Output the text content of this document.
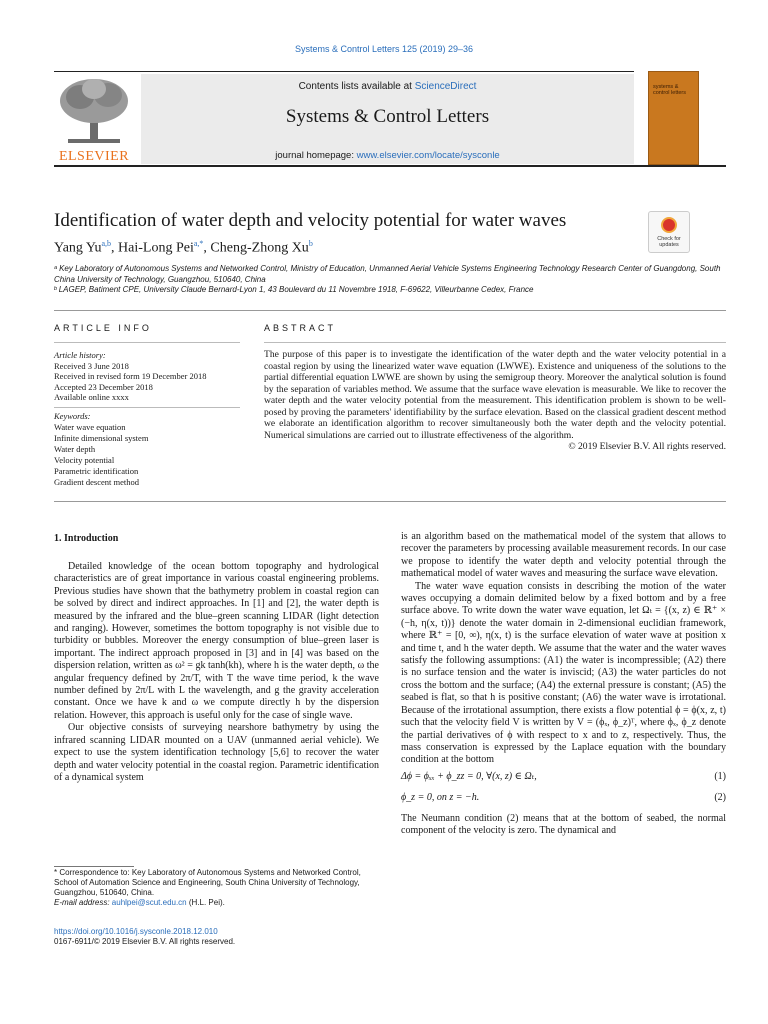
Systems & Control Letters 125 (2019) 29–36
ELSEVIER
Contents lists available at ScienceDirect
Systems & Control Letters
journal homepage: www.elsevier.com/locate/sysconle
systems & control letters
Identification of water depth and velocity potential for water waves
Check for updates
Yang Yu$^{a,b}$, Hai-Long Pei$^{a,*}$, Cheng-Zhong Xu$^b$
ᵃ Key Laboratory of Autonomous Systems and Networked Control, Ministry of Education, Unmanned Aerial Vehicle Systems Engineering Technology Research Center of Guangdong, South China University of Technology, Guangzhou, 510640, China
ᵇ LAGEP, Batiment CPE, University Claude Bernard-Lyon 1, 43 Boulevard du 11 Novembre 1918, F-69622, Villeurbanne Cedex, France
ARTICLE INFO	ABSTRACT
Article history:
Received 3 June 2018
Received in revised form 19 December 2018
Accepted 23 December 2018
Available online xxxx
Keywords:
Water wave equation
Infinite dimensional system
Water depth
Velocity potential
Parametric identification
Gradient descent method
The purpose of this paper is to investigate the identification of the water depth and the water velocity potential in a coastal region by using the linearized water wave equation (LWWE). Existence and uniqueness of the solutions to the partial differential equation LWWE are shown by using the semigroup theory. Moreover the analytical solution is found by the separation of variables method. We assume that the surface wave elevation is measurable. We like to recover the water depth and the water velocity potential from the measurement. This identification problem is shown to be well-posed by proving the parameters' identifiability by the surface elevation. Based on the classical gradient descent method we elaborate an identification algorithm to recover simultaneously both the water depth and the velocity potential. Numerical simulations are carried out to illustrate effectiveness of the algorithm.
© 2019 Elsevier B.V. All rights reserved.
1. Introduction

Detailed knowledge of the ocean bottom topography and hydrological characteristics are of great importance in various coastal engineering problems. Previous studies have shown that the bathymetry problem in coastal region can be solved by direct and indirect approaches. In [1] and [2], the water depth is measured by the infrared and the blue–green scanning LIDAR (light detection and ranging). However, sometimes the bottom topography is not visible due to turbidity or bubbles. Moreover the energy consumption of blue–green laser is important. The indirect approach proposed in [3] and in [4] was based on the dispersion relation, written as ω² = gk tanh(kh), where h is the water depth, ω the angular frequency defined by 2π/T, with T the wave time period, k the wave number defined by 2π/L with L the wavelength, and g the gravity acceleration constant. Once we have k and ω we compute directly h by the dispersion relation. However, this approach is useful only for the case of single wave.

Our objective consists of surveying nearshore bathymetry by using the infrared scanning LIDAR mounted on a UAV (unmanned aerial vehicle). We expect to use the system identification technology [5,6] to recover the water depth and water velocity potential in the coastal region. Parametric identification of a dynamical system

is an algorithm based on the mathematical model of the system that allows to recover the parameters by processing available measurement records. In our case we propose to identify the water depth and velocity potential through the mathematical model of water waves and measuring the surface wave elevation.

The water wave equation consists in describing the motion of the water waves occupying a domain delimited below by a fixed bottom and by a free surface above. To write down the water wave equation, let Ωₜ = {(x, z) ∈ ℝ⁺ × (−h, η(x, t))} denote the water domain in 2-dimensional euclidian framework, where ℝ⁺ = [0, ∞), η(x, t) is the surface elevation of water wave at position x and time t, and h the water depth. We assume that the water and the water waves satisfy the following assumptions: (A1) the water is incompressible; (A2) there is no surface tension and the water is inviscid; (A3) the water particles do not cross the bottom and the surface; (A4) the external pressure is constant; (A5) the seabed is flat, so that h is positive constant; (A6) the water wave is irrotational. Because of the irrotational assumption, there exists a flow potential ϕ = ϕ(x, z, t) such that the velocity field V is written by V = (ϕₓ, ϕ_z)ᵀ, where ϕₓ, ϕ_z denote the partial derivatives of ϕ with respect to x and to z, respectively. Thus, the mass conservation is expressed by the Laplace equation with the boundary condition at the bottom

Δϕ = ϕₓₓ + ϕ_zz = 0, ∀(x, z) ∈ Ωₜ,	(1)
ϕ_z = 0, on z = −h.	(2)

The Neumann condition (2) means that at the bottom of seabed, the normal component of the velocity is zero. The dynamical and

* Correspondence to: Key Laboratory of Autonomous Systems and Networked Control, School of Automation Science and Engineering, South China University of Technology, Guangzhou, 510640, China.
E-mail address: auhlpei@scut.edu.cn (H.L. Pei).
https://doi.org/10.1016/j.sysconle.2018.12.010
0167-6911/© 2019 Elsevier B.V. All rights reserved.
